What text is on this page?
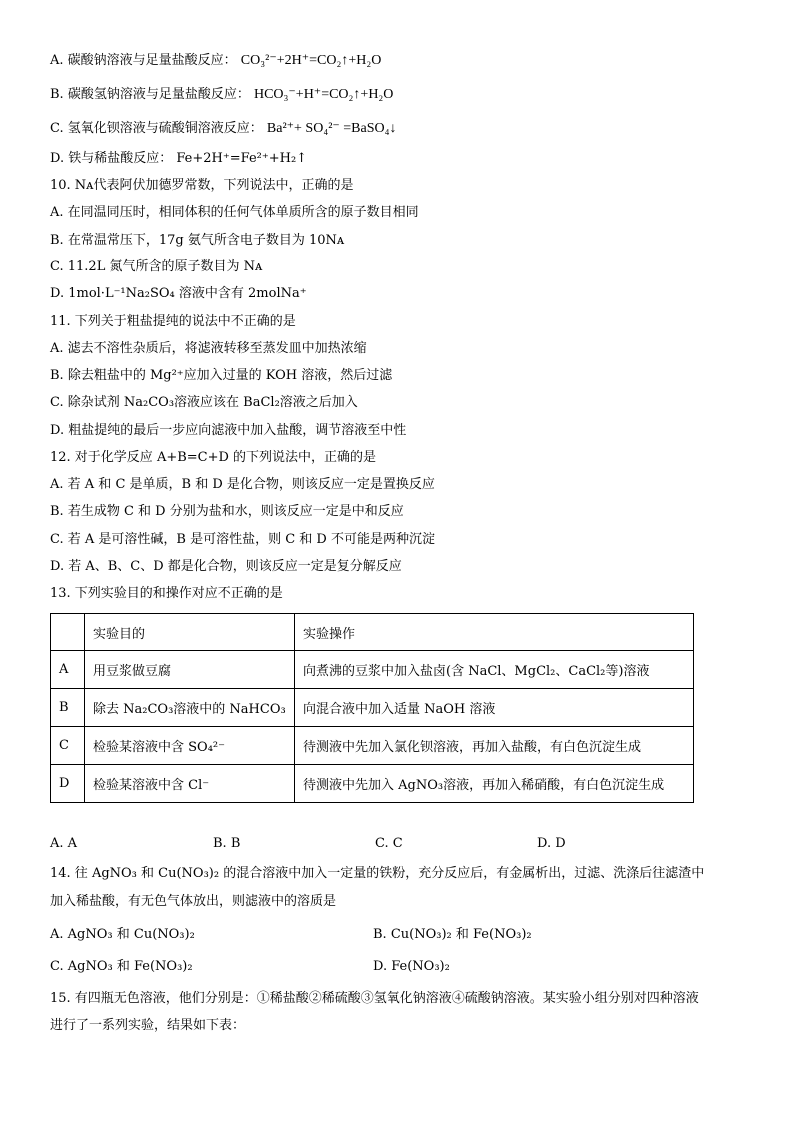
A. 碳酸钠溶液与足量盐酸反应： CO₃²⁻+2H⁺=CO₂↑+H₂O
B. 碳酸氢钠溶液与足量盐酸反应： HCO₃⁻+H⁺=CO₂↑+H₂O
C. 氢氧化钡溶液与硫酸铜溶液反应： Ba²⁺+ SO₄²⁻ =BaSO₄↓
D. 铁与稀盐酸反应： Fe+2H⁺=Fe²⁺+H₂↑
10. Nᴀ代表阿伏加德罗常数，下列说法中，正确的是
A. 在同温同压时，相同体积的任何气体单质所含的原子数目相同
B. 在常温常压下，17g 氨气所含电子数目为 10Nᴀ
C. 11.2L 氮气所含的原子数目为 Nᴀ
D. 1mol·L⁻¹Na₂SO₄ 溶液中含有 2molNa⁺
11. 下列关于粗盐提纯的说法中不正确的是
A. 滤去不溶性杂质后，将滤液转移至蒸发皿中加热浓缩
B. 除去粗盐中的 Mg²⁺应加入过量的 KOH 溶液，然后过滤
C. 除杂试剂 Na₂CO₃溶液应该在 BaCl₂溶液之后加入
D. 粗盐提纯的最后一步应向滤液中加入盐酸，调节溶液至中性
12. 对于化学反应 A+B=C+D 的下列说法中，正确的是
A. 若 A 和 C 是单质，B 和 D 是化合物，则该反应一定是置换反应
B. 若生成物 C 和 D 分别为盐和水，则该反应一定是中和反应
C. 若 A 是可溶性碱，B 是可溶性盐，则 C 和 D 不可能是两种沉淀
D. 若 A、B、C、D 都是化合物，则该反应一定是复分解反应
13. 下列实验目的和操作对应不正确的是
	实验目的	实验操作
A	用豆浆做豆腐	向煮沸的豆浆中加入盐卤(含 NaCl、MgCl₂、CaCl₂等)溶液
B	除去 Na₂CO₃溶液中的 NaHCO₃	向混合液中加入适量 NaOH 溶液
C	检验某溶液中含 SO₄²⁻	待测液中先加入氯化钡溶液，再加入盐酸，有白色沉淀生成
D	检验某溶液中含 Cl⁻	待测液中先加入 AgNO₃溶液，再加入稀硝酸，有白色沉淀生成
A. A	B. B	C. C	D. D
14. 往 AgNO₃ 和 Cu(NO₃)₂ 的混合溶液中加入一定量的铁粉，充分反应后，有金属析出，过滤、洗涤后往滤渣中
加入稀盐酸，有无色气体放出，则滤液中的溶质是
A. AgNO₃ 和 Cu(NO₃)₂	B. Cu(NO₃)₂ 和 Fe(NO₃)₂
C. AgNO₃ 和 Fe(NO₃)₂	D. Fe(NO₃)₂
15. 有四瓶无色溶液，他们分别是：①稀盐酸②稀硫酸③氢氧化钠溶液④硫酸钠溶液。某实验小组分别对四种溶液
进行了一系列实验，结果如下表：
